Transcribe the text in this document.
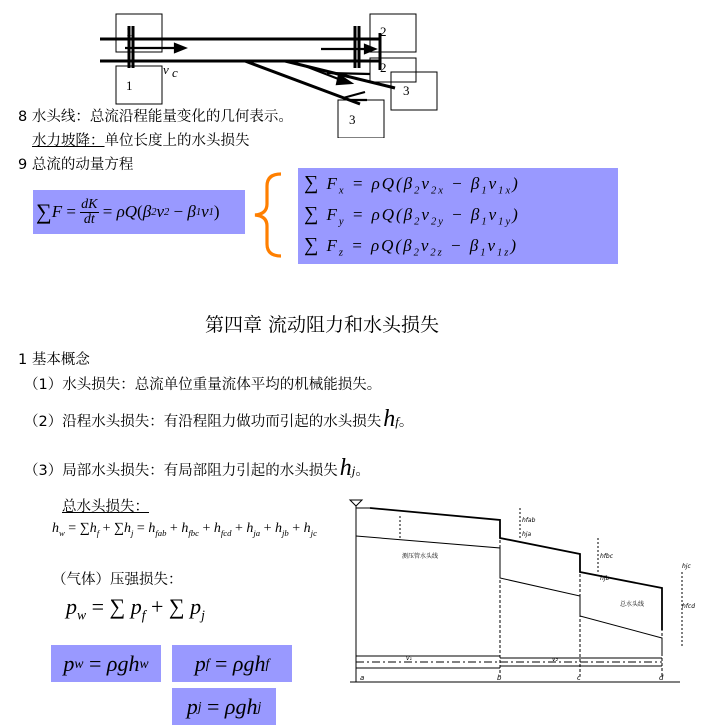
1
1
2
2
3
3
v c
8 水头线：总流沿程能量变化的几何表示。
水力坡降：单位长度上的水头损失
9 总流的动量方程
∑ $F = \frac{dK}{dt} = \rho Q$ ( β 2 v 2 − β 1 v 1 )
∑ $F_x = \rho Q(\beta_2v_{2x} - \beta_1v_{1x})$
∑ $F_y = \rho Q(\beta_2v_{2y} - \beta_1v_{1y})$
∑ $F_z = \rho Q(\beta_2v_{2z} - \beta_1v_{1z})$
第四章 流动阻力和水头损失
1 基本概念
（1）水头损失：总流单位重量流体平均的机械能损失。
（2）沿程水头损失：有沿程阻力做功而引起的水头损失 h f 。
（3）局部水头损失：有局部阻力引起的水头损失 h j 。
总水头损失：
$h_w = \sum h_f + \sum h_j = h_{fab} + h_{fbc} + h_{fcd} + h_{ja} + h_{jb} + h_{jc}$
（气体）压强损失：
$p_w$ = ∑ $p_f$ + ∑ $p_j$
p w = ρgh w	p f = ρgh f
p j = ρgh j
测压管水头线
总水头线
a	b	c	d
hfab
hja
hjb
hfbc
hjc
hfcd
v₁	v₂
